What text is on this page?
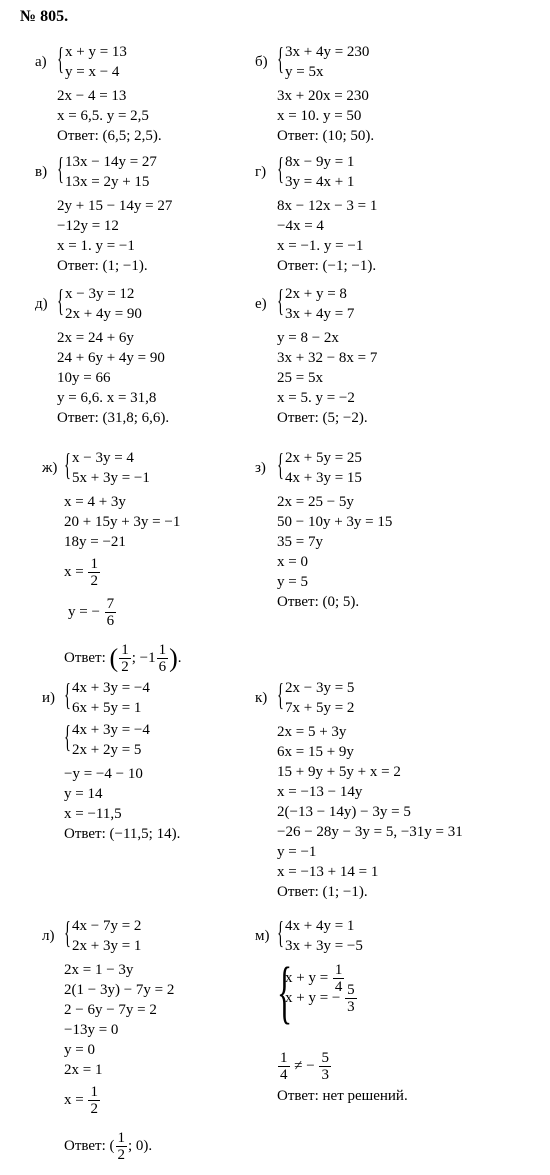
№ 805.
а) { x + y = 13
y = x − 4
2x − 4 = 13
x = 6,5. y = 2,5
Ответ: (6,5; 2,5).
б) { 3x + 4y = 230
y = 5x
3x + 20x = 230
x = 10. y = 50
Ответ: (10; 50).
в) { 13x − 14y = 27
13x = 2y + 15
2y + 15 − 14y = 27
−12y = 12
x = 1. y = −1
Ответ: (1; −1).
г) { 8x − 9y = 1
3y = 4x + 1
8x − 12x − 3 = 1
−4x = 4
x = −1. y = −1
Ответ: (−1; −1).
д) { x − 3y = 12
2x + 4y = 90
2x = 24 + 6y
24 + 6y + 4y = 90
10y = 66
y = 6,6. x = 31,8
Ответ: (31,8; 6,6).
е) { 2x + y = 8
3x + 4y = 7
y = 8 − 2x
3x + 32 − 8x = 7
25 = 5x
x = 5. y = −2
Ответ: (5; −2).
ж) { x − 3y = 4
5x + 3y = −1
x = 4 + 3y
20 + 15y + 3y = −1
18y = −21
$x = \frac{1}{2}$
y = − $\frac{7}{6}$
Ответ: ( $\frac{1}{2}$ ; $-1 \frac{1}{6}$ ).
з) { 2x + 5y = 25
4x + 3y = 15
2x = 25 − 5y
50 − 10y + 3y = 15
35 = 7y
x = 0
y = 5
Ответ: (0; 5).
и) { 4x + 3y = −4
6x + 5y = 1
{ 4x + 3y = −4
2x + 2y = 5
−y = −4 − 10
y = 14
x = −11,5
Ответ: (−11,5; 14).
к) { 2x − 3y = 5
7x + 5y = 2
2x = 5 + 3y
6x = 15 + 9y
15 + 9y + 5y + x = 2
x = −13 − 14y
2(−13 − 14y) − 3y = 5
−26 − 28y − 3y = 5, −31y = 31
y = −1
x = −13 + 14 = 1
Ответ: (1; −1).
л) { 4x − 7y = 2
2x + 3y = 1
2x = 1 − 3y
2(1 − 3y) − 7y = 2
2 − 6y − 7y = 2
−13y = 0
y = 0
2x = 1
$x = \frac{1}{2}$
Ответ: ( $\frac{1}{2}$ ; 0).
м) { 4x + 4y = 1
3x + 3y = −5
{
$x + y = \frac{1}{4}$
x + y = − $\frac{5}{3}$
$\frac{1}{4}$ ≠ − $\frac{5}{3}$
Ответ: нет решений.
